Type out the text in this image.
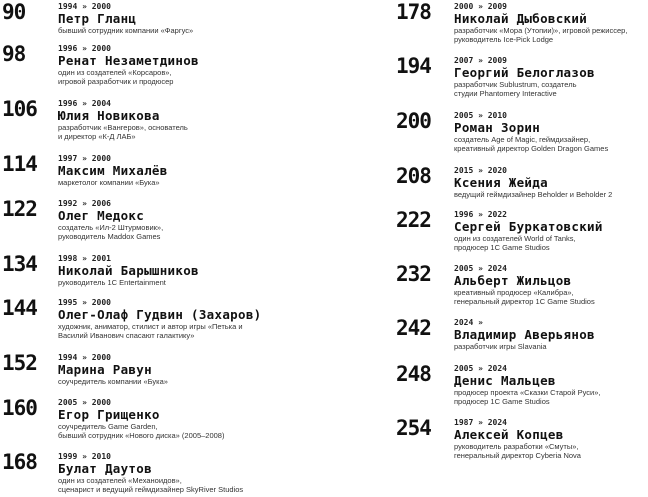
90	1994 » 2000
Петр Гланц
бывший сотрудник компании «Фаргус»
98	1996 » 2000
Ренат Незаметдинов
один из создателей «Корсаров»,
игровой разработчик и продюсер
106	1996 » 2004
Юлия Новикова
разработчик «Вангеров», основатель
и директор «К-Д ЛАБ»
114	1997 » 2000
Максим Михалёв
маркетолог компании «Бука»
122	1992 » 2006
Олег Медокс
создатель «Ил-2 Штурмовик»,
руководитель Maddox Games
134	1998 » 2001
Николай Барышников
руководитель 1C Entertainment
144	1995 » 2000
Олег-Олаф Гудвин (Захаров)
художник, аниматор, стилист и автор игры «Петька и
Василий Иванович спасают галактику»
152	1994 » 2000
Марина Равун
соучредитель компании «Бука»
160	2005 » 2000
Егор Грищенко
соучредитель Game Garden,
бывший сотрудник «Нового диска» (2005–2008)
168	1999 » 2010
Булат Даутов
один из создателей «Механоидов»,
сценарист и ведущий геймдизайнер SkyRiver Studios
178	2000 » 2009
Николай Дыбовский
разработчик «Мора (Утопии)», игровой режиссер,
руководитель Ice-Pick Lodge
194	2007 » 2009
Георгий Белоглазов
разработчик Sublustrum, создатель
студии Phantomery Interactive
200	2005 » 2010
Роман Зорин
создатель Age of Magic, геймдизайнер,
креативный директор Golden Dragon Games
208	2015 » 2020
Ксения Жейда
ведущий геймдизайнер Beholder и Beholder 2
222	1996 » 2022
Сергей Буркатовский
один из создателей World of Tanks,
продюсер 1C Game Studios
232	2005 » 2024
Альберт Жильцов
креативный продюсер «Калибра»,
генеральный директор 1C Game Studios
242	2024 »
Владимир Аверьянов
разработчик игры Slavania
248	2005 » 2024
Денис Мальцев
продюсер проекта «Сказки Старой Руси»,
продюсер 1C Game Studios
254	1987 » 2024
Алексей Копцев
руководитель разработки «Смуты»,
генеральный директор Cyberia Nova
